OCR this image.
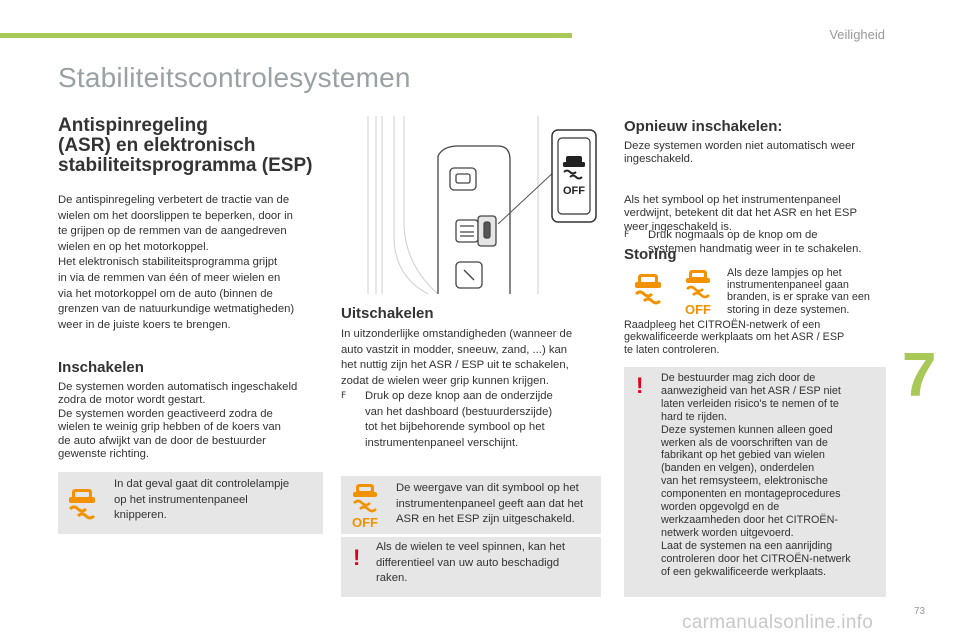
Veiligheid
Stabiliteitscontrolesystemen
Antispinregeling
(ASR) en elektronisch
stabiliteitsprogramma (ESP)
De antispinregeling verbetert de tractie van de
wielen om het doorslippen te beperken, door in
te grijpen op de remmen van de aangedreven
wielen en op het motorkoppel.
Het elektronisch stabiliteitsprogramma grijpt
in via de remmen van één of meer wielen en
via het motorkoppel om de auto (binnen de
grenzen van de natuurkundige wetmatigheden)
weer in de juiste koers te brengen.
Inschakelen
De systemen worden automatisch ingeschakeld
zodra de motor wordt gestart.
De systemen worden geactiveerd zodra de
wielen te weinig grip hebben of de koers van
de auto afwijkt van de door de bestuurder
gewenste richting.
In dat geval gaat dit controlelampje
op het instrumentenpaneel
knipperen.
OFF
Uitschakelen
In uitzonderlijke omstandigheden (wanneer de
auto vastzit in modder, sneeuw, zand, ...) kan
het nuttig zijn het ASR / ESP uit te schakelen,
zodat de wielen weer grip kunnen krijgen.
F Druk op deze knop aan de onderzijde
van het dashboard (bestuurderszijde)
tot het bijbehorende symbool op het
instrumentenpaneel verschijnt.
OFF
De weergave van dit symbool op het
instrumentenpaneel geeft aan dat het
ASR en het ESP zijn uitgeschakeld.
! Als de wielen te veel spinnen, kan het
differentieel van uw auto beschadigd
raken.
Opnieuw inschakelen:
Deze systemen worden niet automatisch weer
ingeschakeld.
F Druk nogmaals op de knop om de
systemen handmatig weer in te schakelen.
Als het symbool op het instrumentenpaneel
verdwijnt, betekent dit dat het ASR en het ESP
weer ingeschakeld is.
Storing
OFF
Als deze lampjes op het
instrumentenpaneel gaan
branden, is er sprake van een
storing in deze systemen.
Raadpleeg het CITROËN-netwerk of een
gekwalificeerde werkplaats om het ASR / ESP
te laten controleren.
! De bestuurder mag zich door de
aanwezigheid van het ASR / ESP niet
laten verleiden risico's te nemen of te
hard te rijden.
Deze systemen kunnen alleen goed
werken als de voorschriften van de
fabrikant op het gebied van wielen
(banden en velgen), onderdelen
van het remsysteem, elektronische
componenten en montageprocedures
worden opgevolgd en de
werkzaamheden door het CITROËN-
netwerk worden uitgevoerd.
Laat de systemen na een aanrijding
controleren door het CITROËN-netwerk
of een gekwalificeerde werkplaats.
7
73
carmanualsonline.info
